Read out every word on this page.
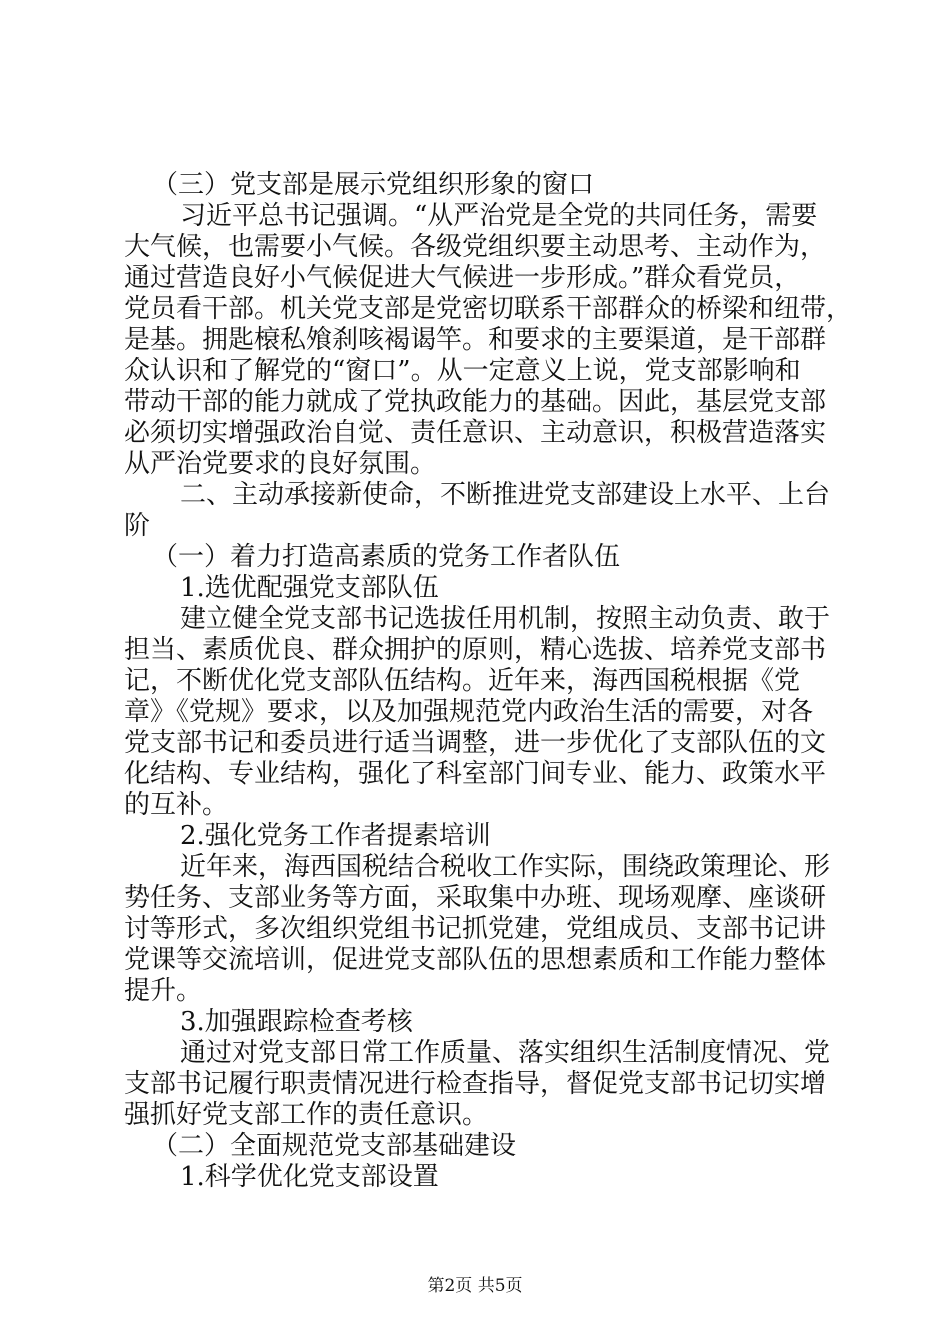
（三）党支部是展示党组织形象的窗口
习近平总书记强调。“从严治党是全党的共同任务，需要
大气候，也需要小气候。各级党组织要主动思考、主动作为，
通过营造良好小气候促进大气候进一步形成。”群众看党员，
党员看干部。机关党支部是党密切联系干部群众的桥梁和纽带，
是基。拥匙榱私飧刹咳褐谒竿。和要求的主要渠道，是干部群
众认识和了解党的“窗口”。从一定意义上说，党支部影响和
带动干部的能力就成了党执政能力的基础。因此，基层党支部
必须切实增强政治自觉、责任意识、主动意识，积极营造落实
从严治党要求的良好氛围。
二、主动承接新使命，不断推进党支部建设上水平、上台
阶
（一）着力打造高素质的党务工作者队伍
1.选优配强党支部队伍
建立健全党支部书记选拔任用机制，按照主动负责、敢于
担当、素质优良、群众拥护的原则，精心选拔、培养党支部书
记，不断优化党支部队伍结构。近年来，海西国税根据《党
章》《党规》要求，以及加强规范党内政治生活的需要，对各
党支部书记和委员进行适当调整，进一步优化了支部队伍的文
化结构、专业结构，强化了科室部门间专业、能力、政策水平
的互补。
2.强化党务工作者提素培训
近年来，海西国税结合税收工作实际，围绕政策理论、形
势任务、支部业务等方面，采取集中办班、现场观摩、座谈研
讨等形式，多次组织党组书记抓党建，党组成员、支部书记讲
党课等交流培训，促进党支部队伍的思想素质和工作能力整体
提升。
3.加强跟踪检查考核
通过对党支部日常工作质量、落实组织生活制度情况、党
支部书记履行职责情况进行检查指导，督促党支部书记切实增
强抓好党支部工作的责任意识。
（二）全面规范党支部基础建设
1.科学优化党支部设置
第2页 共5页
